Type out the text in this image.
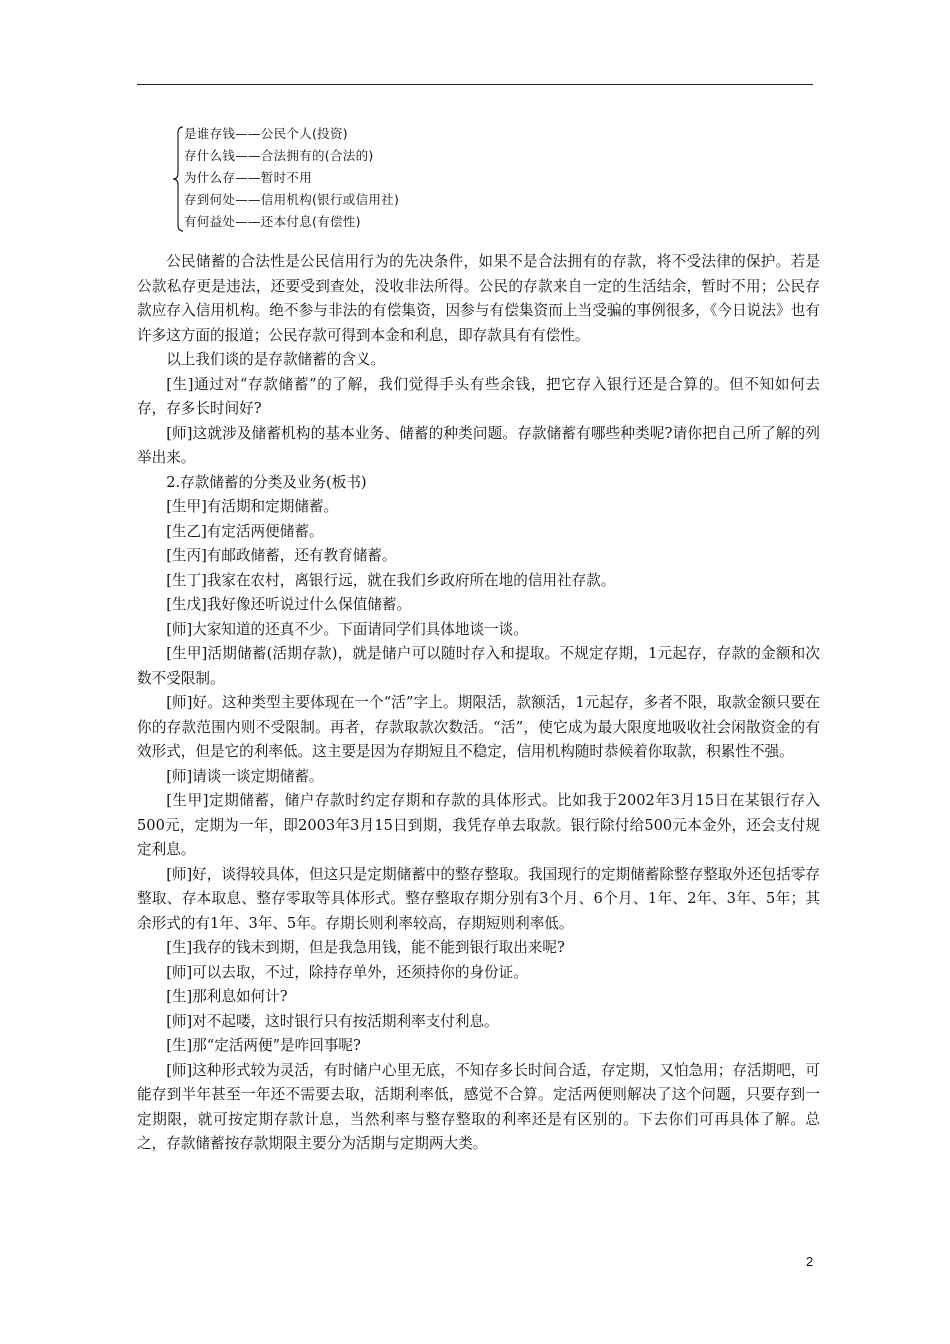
是谁存钱——公民个人(投资)
存什么钱——合法拥有的(合法的)
为什么存——暂时不用
存到何处——信用机构(银行或信用社)
有何益处——还本付息(有偿性)

公民储蓄的合法性是公民信用行为的先决条件，如果不是合法拥有的存款，将不受法律的保护。若是公款私存更是违法，还要受到查处，没收非法所得。公民的存款来自一定的生活结余，暂时不用；公民存款应存入信用机构。绝不参与非法的有偿集资，因参与有偿集资而上当受骗的事例很多，《今日说法》也有许多这方面的报道；公民存款可得到本金和利息，即存款具有有偿性。

以上我们谈的是存款储蓄的含义。

[生]通过对“存款储蓄”的了解，我们觉得手头有些余钱，把它存入银行还是合算的。但不知如何去存，存多长时间好?

[师]这就涉及储蓄机构的基本业务、储蓄的种类问题。存款储蓄有哪些种类呢?请你把自己所了解的列举出来。

2.存款储蓄的分类及业务(板书)

[生甲]有活期和定期储蓄。

[生乙]有定活两便储蓄。

[生丙]有邮政储蓄，还有教育储蓄。

[生丁]我家在农村，离银行远，就在我们乡政府所在地的信用社存款。

[生戊]我好像还听说过什么保值储蓄。

[师]大家知道的还真不少。下面请同学们具体地谈一谈。

[生甲]活期储蓄(活期存款)，就是储户可以随时存入和提取。不规定存期，1元起存，存款的金额和次数不受限制。

[师]好。这种类型主要体现在一个“活”字上。期限活，款额活，1元起存，多者不限，取款金额只要在你的存款范围内则不受限制。再者，存款取款次数活。“活”，使它成为最大限度地吸收社会闲散资金的有效形式，但是它的利率低。这主要是因为存期短且不稳定，信用机构随时恭候着你取款，积累性不强。

[师]请谈一谈定期储蓄。

[生甲]定期储蓄，储户存款时约定存期和存款的具体形式。比如我于2002年3月15日在某银行存入500元，定期为一年，即2003年3月15日到期，我凭存单去取款。银行除付给500元本金外，还会支付规定利息。

[师]好，谈得较具体，但这只是定期储蓄中的整存整取。我国现行的定期储蓄除整存整取外还包括零存整取、存本取息、整存零取等具体形式。整存整取存期分别有3个月、6个月、1年、2年、3年、5年；其余形式的有1年、3年、5年。存期长则利率较高，存期短则利率低。

[生]我存的钱未到期，但是我急用钱，能不能到银行取出来呢?

[师]可以去取，不过，除持存单外，还须持你的身份证。

[生]那利息如何计?

[师]对不起喽，这时银行只有按活期利率支付利息。

[生]那“定活两便”是咋回事呢?

[师]这种形式较为灵活，有时储户心里无底，不知存多长时间合适，存定期，又怕急用；存活期吧，可能存到半年甚至一年还不需要去取，活期利率低，感觉不合算。定活两便则解决了这个问题，只要存到一定期限，就可按定期存款计息，当然利率与整存整取的利率还是有区别的。下去你们可再具体了解。总之，存款储蓄按存款期限主要分为活期与定期两大类。

2
